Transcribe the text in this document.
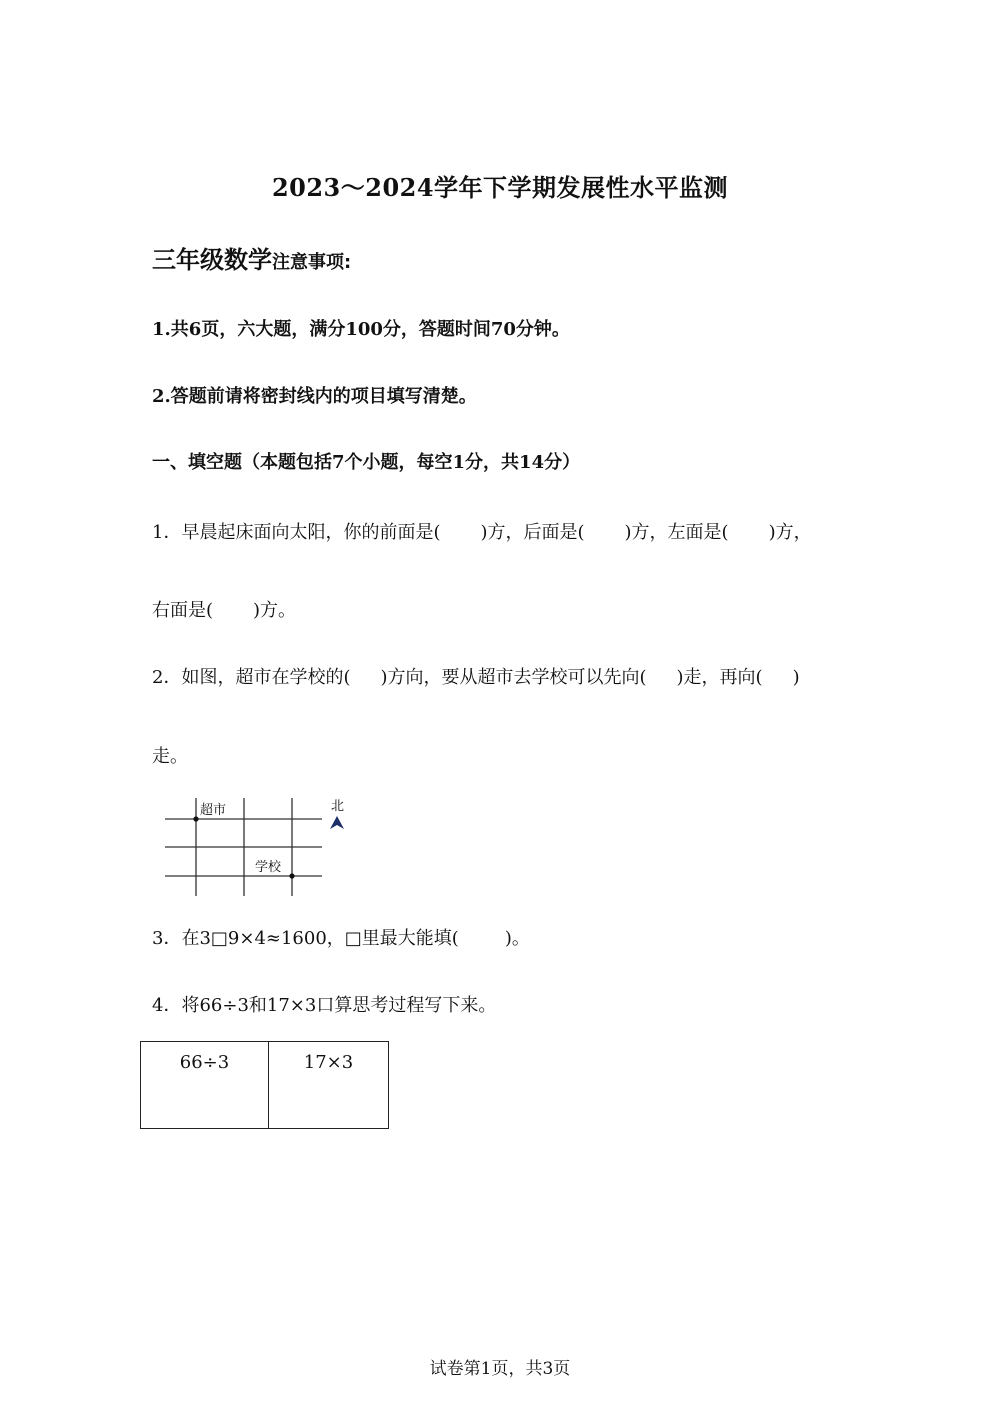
2023～2024学年下学期发展性水平监测
三年级数学注意事项:
1.共6页，六大题，满分100分，答题时间70分钟。
2.答题前请将密封线内的项目填写清楚。
一、填空题（本题包括7个小题，每空1分，共14分）
1．早晨起床面向太阳，你的前面是( )方，后面是( )方，左面是( )方，
右面是( )方。
2．如图，超市在学校的( )方向，要从超市去学校可以先向( )走，再向( )
走。
超市
学校
北
3．在3□9×4≈1600，□里最大能填(	)。
4．将66÷3和17×3口算思考过程写下来。
66÷3	17×3
试卷第1页，共3页
